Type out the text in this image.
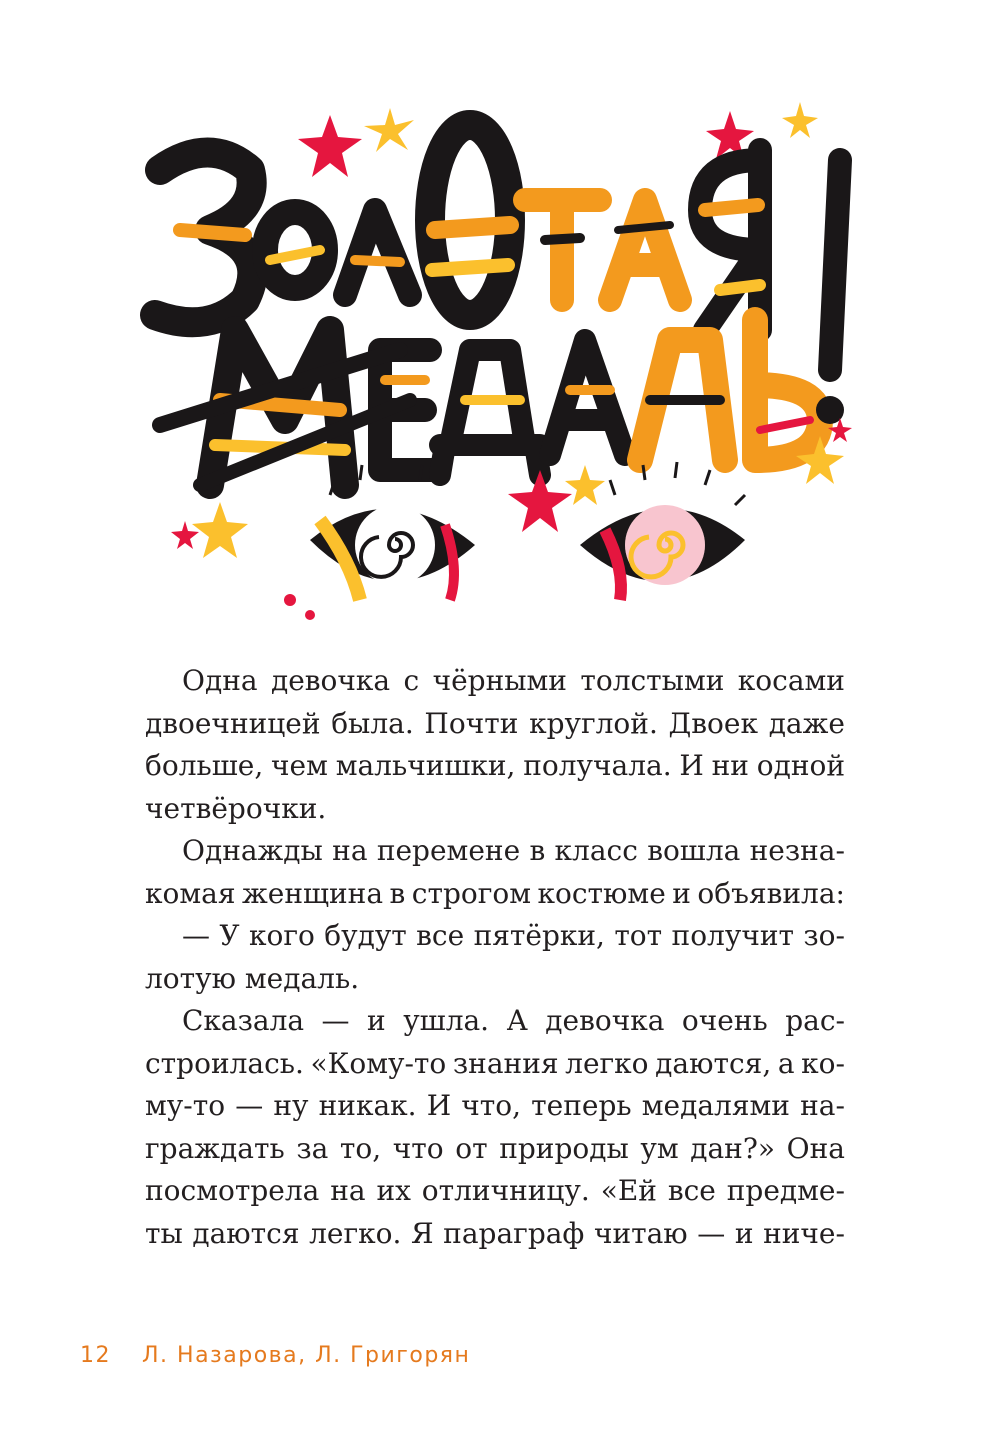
Одна девочка с чёрными толстыми косами
двоечницей была. Почти круглой. Двоек даже
больше, чем мальчишки, получала. И ни одной
четвёрочки.
Однажды на перемене в класс вошла незна-
комая женщина в строгом костюме и объявила:
— У кого будут все пятёрки, тот получит зо-
лотую медаль.
Сказала — и ушла. А девочка очень рас-
строилась. «Кому-то знания легко даются, а ко-
му-то — ну никак. И что, теперь медалями на-
граждать за то, что от природы ум дан?» Она
посмотрела на их отличницу. «Ей все предме-
ты даются легко. Я параграф читаю — и ниче-
12 Л. Назарова, Л. Григорян
